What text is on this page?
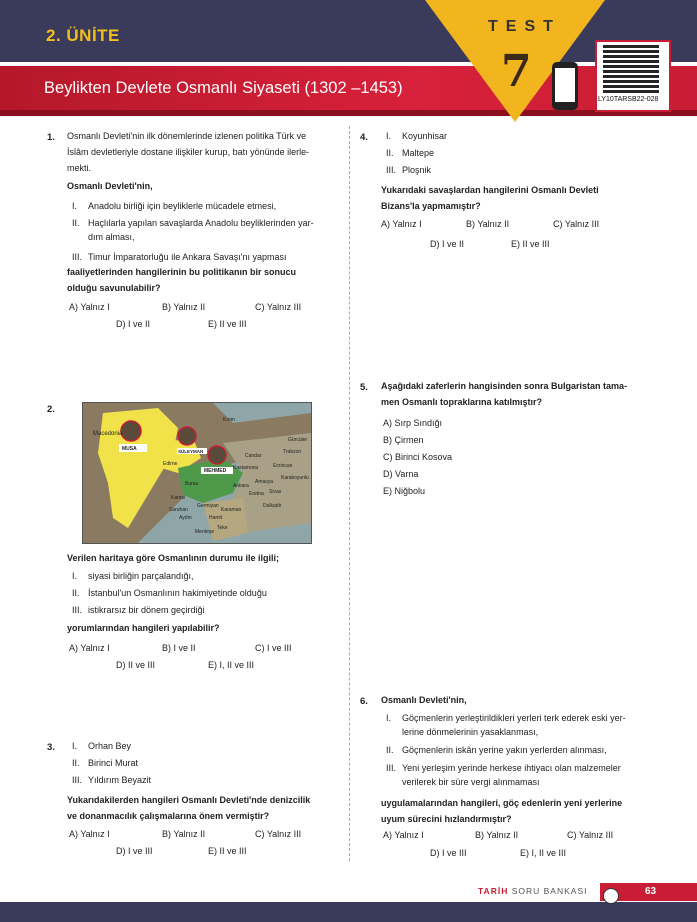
2. ÜNİTE
Beylikten Devlete Osmanlı Siyaseti (1302 –1453)
TEST
7
LY10TARSB22-028
1. Osmanlı Devleti'nin ilk dönemlerinde izlenen politika Türk ve
İslâm devletleriyle dostane ilişkiler kurup, batı yönünde ilerle-
mekti.
Osmanlı Devleti'nin,
I. Anadolu birliği için beyliklerle mücadele etmesi,
II. Haçlılarla yapılan savaşlarda Anadolu beyliklerinden yar-
dım alması,
III. Timur İmparatorluğu ile Ankara Savaşı'nı yapması
faaliyetlerinden hangilerinin bu politikanın bir sonucu
olduğu savunulabilir?
A) Yalnız I	B) Yalnız II	C) Yalnız III
D) I ve II	E) II ve III
2.
Macedonia
MUSA	SÜLEYMAN
MEHMED
Edirne
Bursa
Karesi
Kastamonu
Candar
Karaman
Menteşe
Teke
Hamit
Germiyan
Aydın
Saruhan
Amasya
Gürcüler
Karakoyunlu
Dulkadir
Erzincan
Eretna Sivas
Ankara
Trabzon
Kırım
Verilen haritaya göre Osmanlının durumu ile ilgili;
I. siyasi birliğin parçalandığı,
II. İstanbul'un Osmanlının hakimiyetinde olduğu
III. istikrarsız bir dönem geçirdiği
yorumlarından hangileri yapılabilir?
A) Yalnız I	B) I ve II	C) I ve III
D) II ve III	E) I, II ve III
3. I. Orhan Bey
II. Birinci Murat
III. Yıldırım Beyazit
Yukarıdakilerden hangileri Osmanlı Devleti'nde denizcilik
ve donanmacılık çalışmalarına önem vermiştir?
A) Yalnız I	B) Yalnız II	C) Yalnız III
D) I ve III	E) II ve III
4. I. Koyunhisar
II. Maltepe
III. Ploşnik
Yukarıdaki savaşlardan hangilerini Osmanlı Devleti
Bizans'la yapmamıştır?
A) Yalnız I	B) Yalnız II	C) Yalnız III
D) I ve II	E) II ve III
5. Aşağıdaki zaferlerin hangisinden sonra Bulgaristan tama-
men Osmanlı topraklarına katılmıştır?
A) Sırp Sındığı
B) Çirmen
C) Birinci Kosova
D) Varna
E) Niğbolu
6. Osmanlı Devleti'nin,
I. Göçmenlerin yerleştirildikleri yerleri terk ederek eski yer-
lerine dönmelerinin yasaklanması,
II. Göçmenlerin iskân yerine yakın yerlerden alınması,
III. Yeni yerleşim yerinde herkese ihtiyacı olan malzemeler
verilerek bir süre vergi alınmaması
uygulamalarından hangileri, göç edenlerin yeni yerlerine
uyum sürecini hızlandırmıştır?
A) Yalnız I	B) Yalnız II	C) Yalnız III
D) I ve III	E) I, II ve III
TARİH SORU BANKASI	63
